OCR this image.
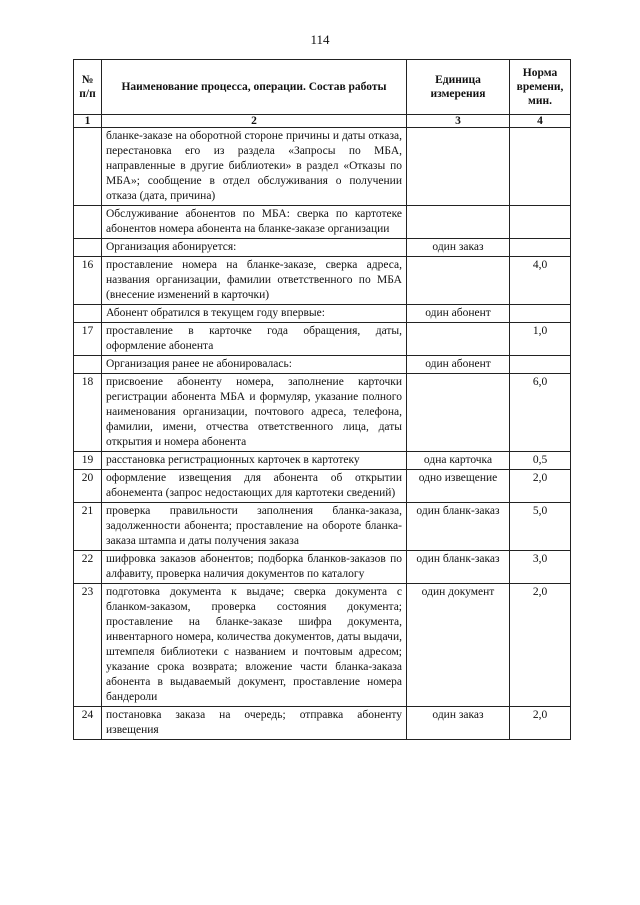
114
№ п/п	Наименование процесса, операции. Состав работы	Единица измерения	Норма времени, мин.
1	2	3	4
	бланке-заказе на оборотной стороне причины и даты отказа, перестановка его из раздела «Запросы по МБА, направленные в другие библиотеки» в раздел «Отказы по МБА»; сообщение в отдел обслуживания о получении отказа (дата, причина)		
	Обслуживание абонентов по МБА: сверка по картотеке абонентов номера абонента на бланке-заказе организации		
	Организация абонируется:	один заказ	
16	проставление номера на бланке-заказе, сверка адреса, названия организации, фамилии ответственного по МБА (внесение изменений в карточки)		4,0
	Абонент обратился в текущем году впервые:	один абонент	
17	проставление в карточке года обращения, даты, оформление абонента		1,0
	Организация ранее не абонировалась:	один абонент	
18	присвоение абоненту номера, заполнение карточки регистрации абонента МБА и формуляр, указание полного наименования организации, почтового адреса, телефона, фамилии, имени, отчества ответственного лица, даты открытия и номера абонента		6,0
19	расстановка регистрационных карточек в картотеку	одна карточка	0,5
20	оформление извещения для абонента об открытии абонемента (запрос недостающих для картотеки сведений)	одно извещение	2,0
21	проверка правильности заполнения бланка-заказа, задолженности абонента; проставление на обороте бланка-заказа штампа и даты получения заказа	один бланк-заказ	5,0
22	шифровка заказов абонентов; подборка бланков-заказов по алфавиту, проверка наличия документов по каталогу	один бланк-заказ	3,0
23	подготовка документа к выдаче; сверка документа с бланком-заказом, проверка состояния документа; проставление на бланке-заказе шифра документа, инвентарного номера, количества документов, даты выдачи, штемпеля библиотеки с названием и почтовым адресом; указание срока возврата; вложение части бланка-заказа абонента в выдаваемый документ, проставление номера бандероли	один документ	2,0
24	постановка заказа на очередь; отправка абоненту извещения	один заказ	2,0
